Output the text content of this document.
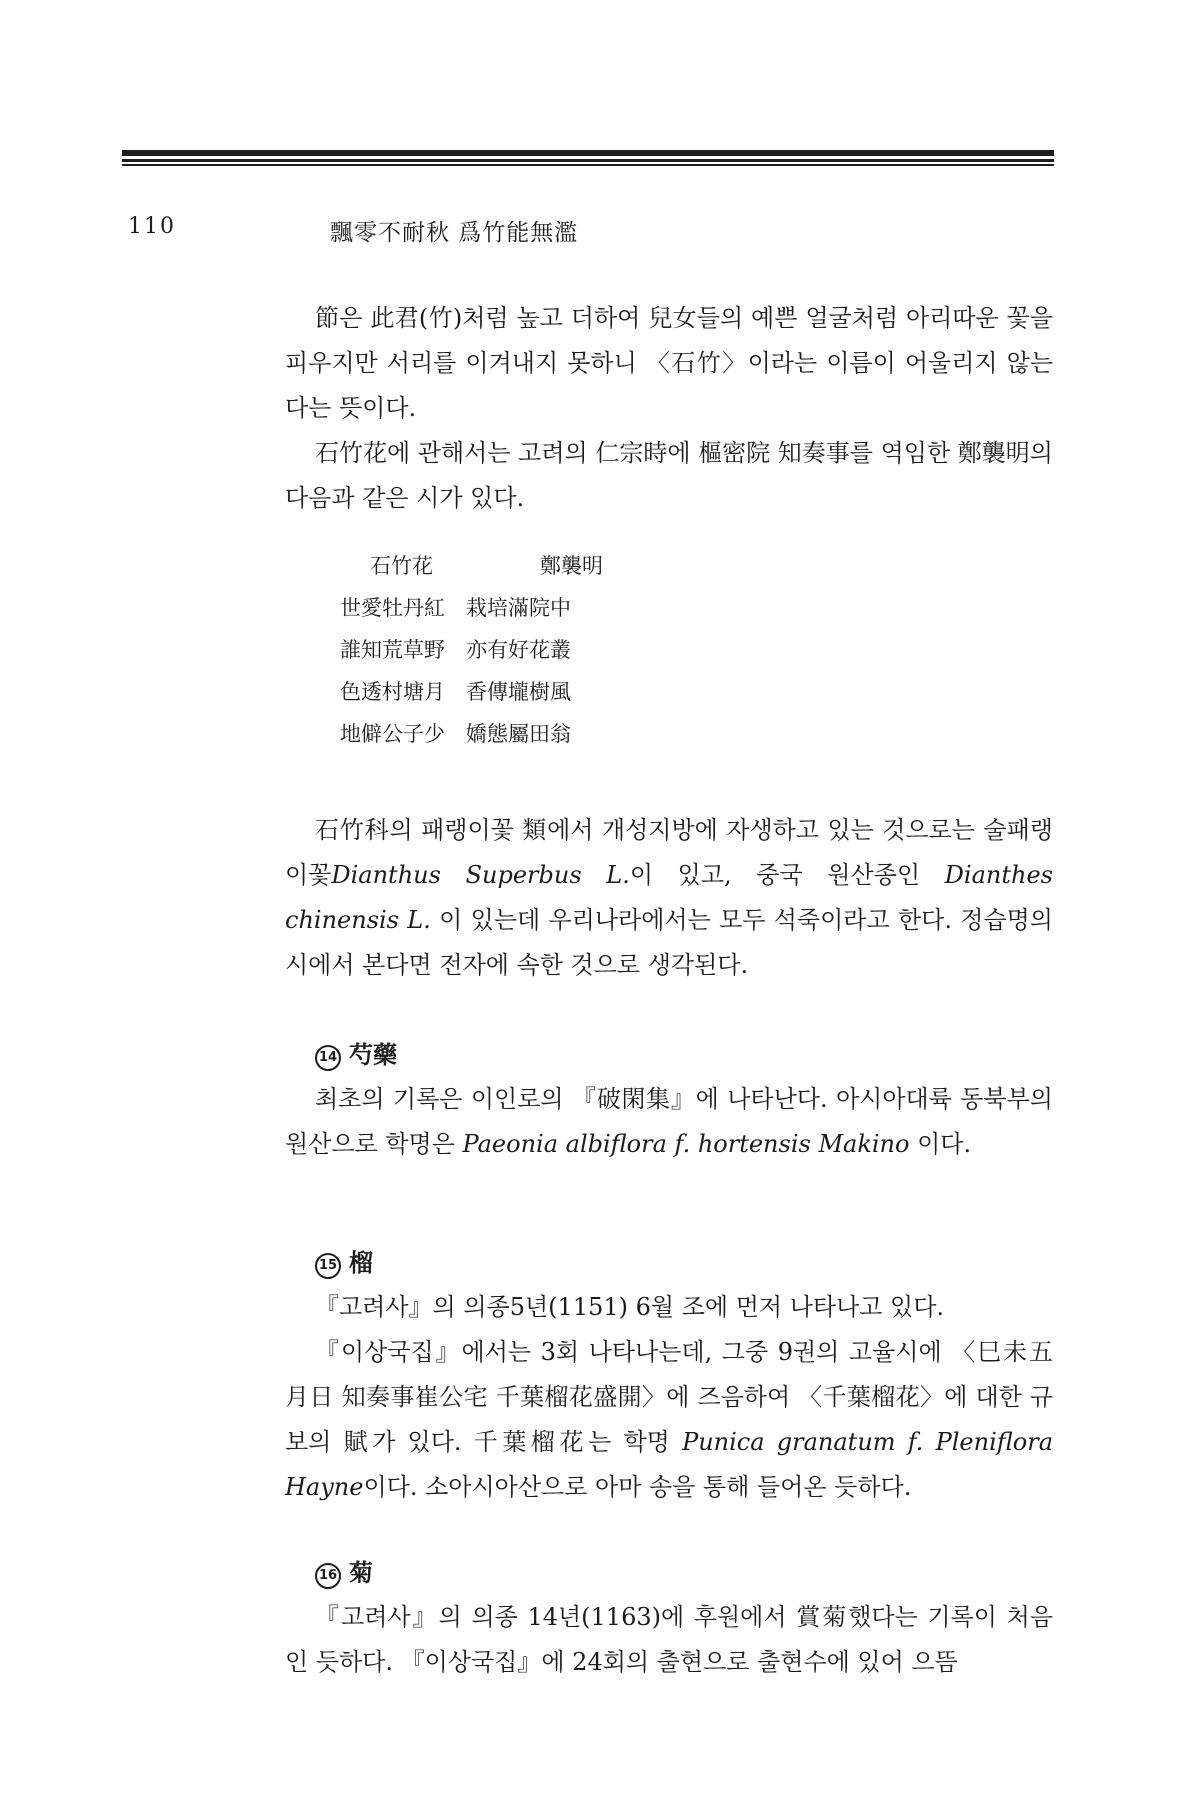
110	飄零不耐秋 爲竹能無濫

節은 此君(竹)처럼 높고 더하여 兒女들의 예쁜 얼굴처럼 아리따운 꽃을 피우지만 서리를 이겨내지 못하니 〈石竹〉이라는 이름이 어울리지 않는다는 뜻이다.

石竹花에 관해서는 고려의 仁宗時에 樞密院 知奏事를 역임한 鄭襲明의 다음과 같은 시가 있다.

石竹花	鄭襲明
世愛牡丹紅　栽培滿院中
誰知荒草野　亦有好花叢
色透村塘月　香傳壠樹風
地僻公子少　嬌態屬田翁

石竹科의 패랭이꽃 類에서 개성지방에 자생하고 있는 것으로는 술패랭이꽃Dianthus Superbus L.이 있고, 중국 원산종인 Dianthes chinensis L. 이 있는데 우리나라에서는 모두 석죽이라고 한다. 정습명의 시에서 본다면 전자에 속한 것으로 생각된다.

14 芍藥

최초의 기록은 이인로의 『破閑集』에 나타난다. 아시아대륙 동북부의 원산으로 학명은 Paeonia albiflora f. hortensis Makino 이다.

15 榴

『고려사』의 의종5년(1151) 6월 조에 먼저 나타나고 있다.

『이상국집』에서는 3회 나타나는데, 그중 9권의 고율시에 〈巳未五月日 知奏事崔公宅 千葉榴花盛開〉에 즈음하여 〈千葉榴花〉에 대한 규보의 賦가 있다. 千葉榴花는 학명 Punica granatum f. Pleniflora Hayne이다. 소아시아산으로 아마 송을 통해 들어온 듯하다.

16 菊

『고려사』의 의종 14년(1163)에 후원에서 賞菊했다는 기록이 처음인 듯하다. 『이상국집』에 24회의 출현으로 출현수에 있어 으뜸
